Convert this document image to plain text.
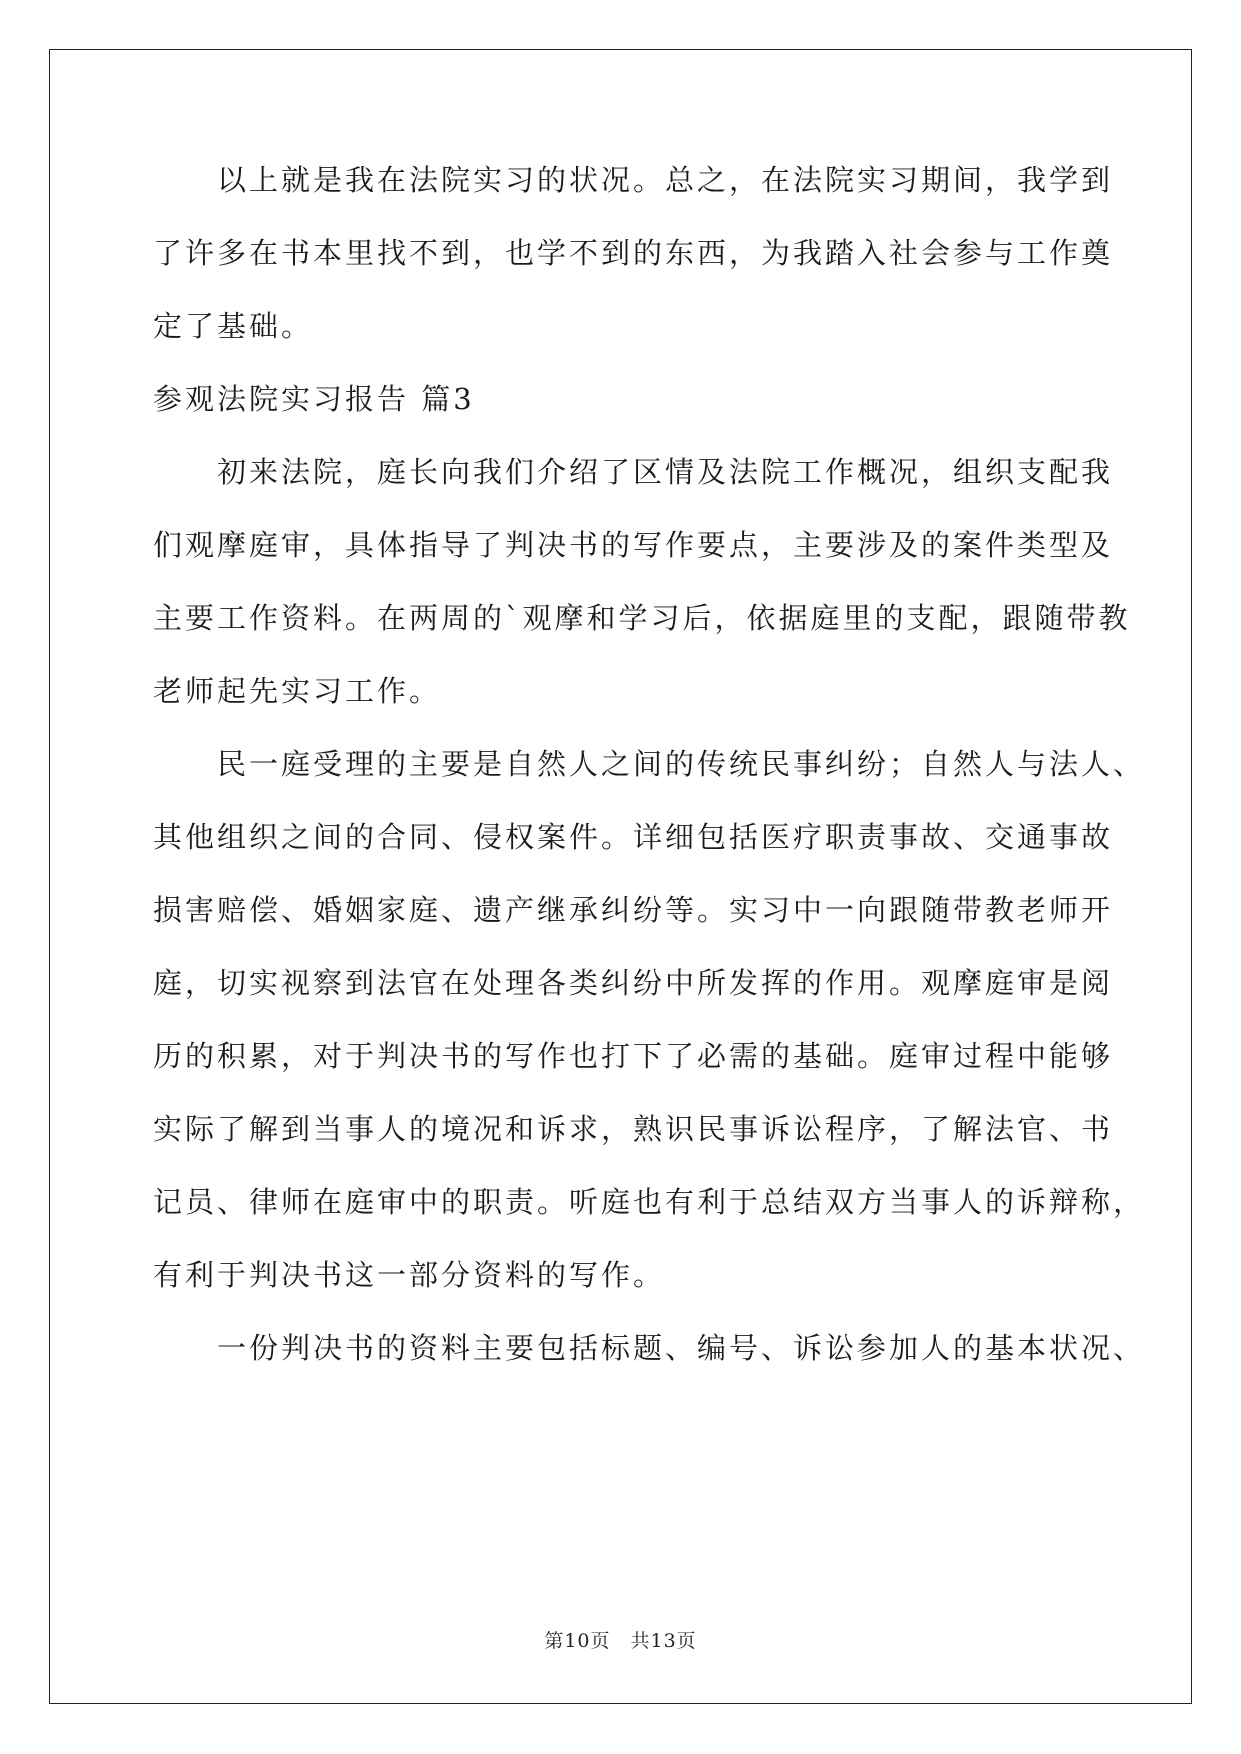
　　以上就是我在法院实习的状况。总之，在法院实习期间，我学到
了许多在书本里找不到，也学不到的东西，为我踏入社会参与工作奠
定了基础。
参观法院实习报告 篇3
　　初来法院，庭长向我们介绍了区情及法院工作概况，组织支配我
们观摩庭审，具体指导了判决书的写作要点，主要涉及的案件类型及
主要工作资料。在两周的`观摩和学习后，依据庭里的支配，跟随带教
老师起先实习工作。
　　民一庭受理的主要是自然人之间的传统民事纠纷；自然人与法人、
其他组织之间的合同、侵权案件。详细包括医疗职责事故、交通事故
损害赔偿、婚姻家庭、遗产继承纠纷等。实习中一向跟随带教老师开
庭，切实视察到法官在处理各类纠纷中所发挥的作用。观摩庭审是阅
历的积累，对于判决书的写作也打下了必需的基础。庭审过程中能够
实际了解到当事人的境况和诉求，熟识民事诉讼程序，了解法官、书
记员、律师在庭审中的职责。听庭也有利于总结双方当事人的诉辩称，
有利于判决书这一部分资料的写作。
　　一份判决书的资料主要包括标题、编号、诉讼参加人的基本状况、
第10页　共13页
